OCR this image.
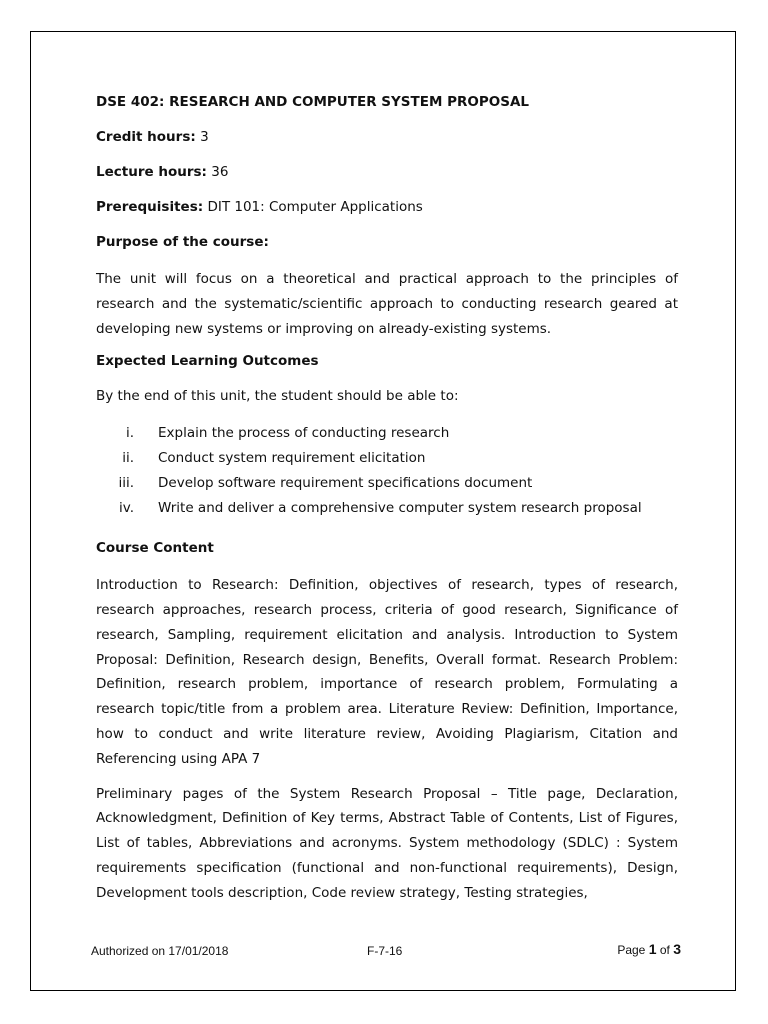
DSE 402: RESEARCH AND COMPUTER SYSTEM PROPOSAL

Credit hours: 3

Lecture hours: 36

Prerequisites: DIT 101: Computer Applications

Purpose of the course:

The unit will focus on a theoretical and practical approach to the principles of research and the systematic/scientific approach to conducting research geared at developing new systems or improving on already-existing systems.

Expected Learning Outcomes

By the end of this unit, the student should be able to:

i.	Explain the process of conducting research
ii.	Conduct system requirement elicitation
iii.	Develop software requirement specifications document
iv.	Write and deliver a comprehensive computer system research proposal

Course Content

Introduction to Research: Definition, objectives of research, types of research, research approaches, research process, criteria of good research, Significance of research, Sampling, requirement elicitation and analysis. Introduction to System Proposal: Definition, Research design, Benefits, Overall format. Research Problem: Definition, research problem, importance of research problem, Formulating a research topic/title from a problem area. Literature Review: Definition, Importance, how to conduct and write literature review, Avoiding Plagiarism, Citation and Referencing using APA 7

Preliminary pages of the System Research Proposal – Title page, Declaration, Acknowledgment, Definition of Key terms, Abstract Table of Contents, List of Figures, List of tables, Abbreviations and acronyms. System methodology (SDLC) : System requirements specification (functional and non-functional requirements), Design, Development tools description, Code review strategy, Testing strategies,

Authorized on 17/01/2018	F-7-16	Page 1 of 3
